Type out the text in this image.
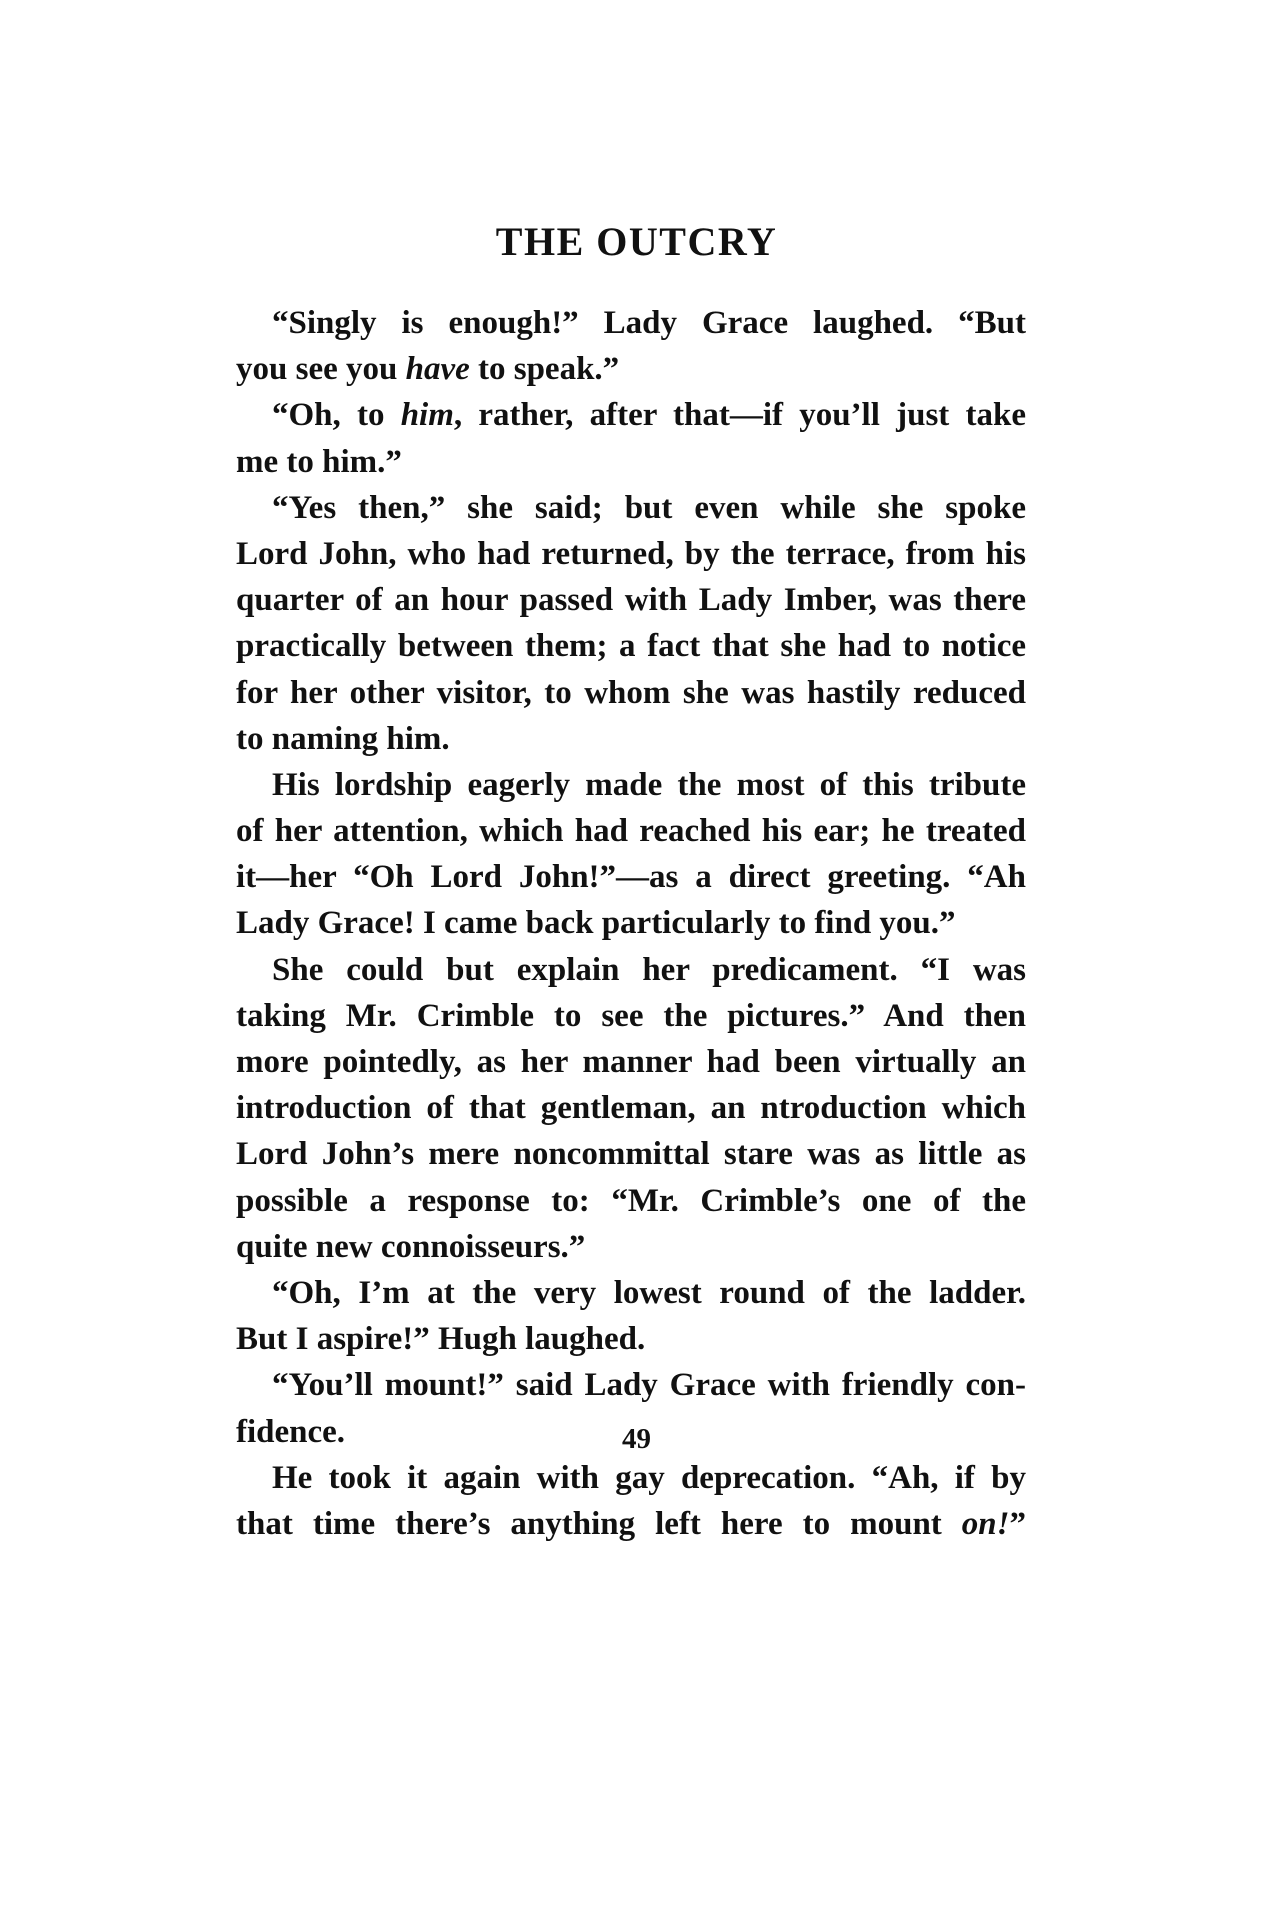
THE OUTCRY
“Singly is enough!” Lady Grace laughed. “But
you see you have to speak.”
“Oh, to him, rather, after that—if you’ll just take
me to him.”
“Yes then,” she said; but even while she spoke
Lord John, who had returned, by the terrace, from his
quarter of an hour passed with Lady Imber, was there
practically between them; a fact that she had to notice
for her other visitor, to whom she was hastily reduced
to naming him.
His lordship eagerly made the most of this tribute
of her attention, which had reached his ear; he treated
it—her “Oh Lord John!”—as a direct greeting. “Ah
Lady Grace! I came back particularly to find you.”
She could but explain her predicament. “I was
taking Mr. Crimble to see the pictures.” And then
more pointedly, as her manner had been virtually an
introduction of that gentleman, an ntroduction which
Lord John’s mere noncommittal stare was as little as
possible a response to: “Mr. Crimble’s one of the
quite new connoisseurs.”
“Oh, I’m at the very lowest round of the ladder.
But I aspire!” Hugh laughed.
“You’ll mount!” said Lady Grace with friendly con-
fidence.
He took it again with gay deprecation. “Ah, if by
that time there’s anything left here to mount on!”
49
